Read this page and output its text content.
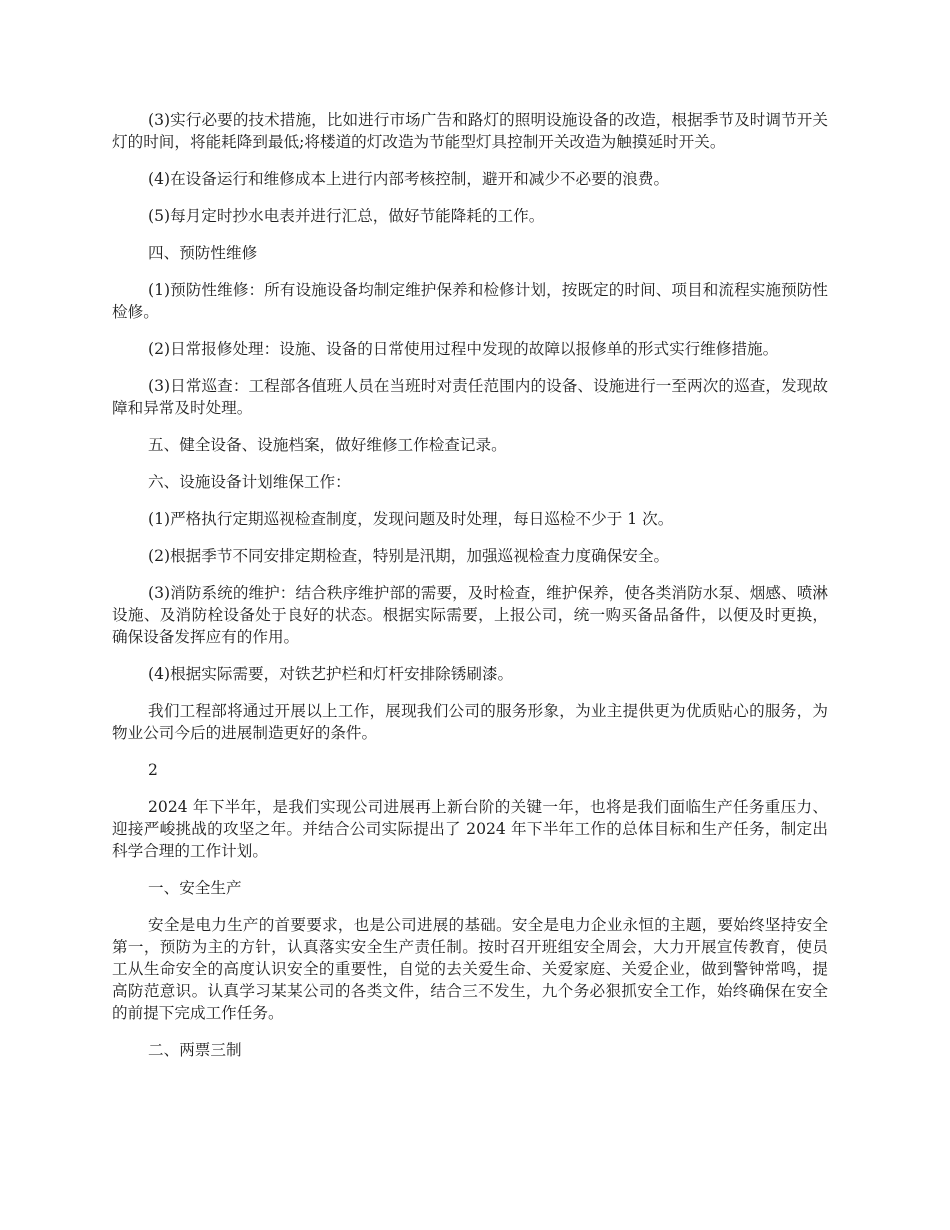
(3)实行必要的技术措施，比如进行市场广告和路灯的照明设施设备的改造，根据季节及时调节开关灯的时间，将能耗降到最低;将楼道的灯改造为节能型灯具控制开关改造为触摸延时开关。

(4)在设备运行和维修成本上进行内部考核控制，避开和减少不必要的浪费。

(5)每月定时抄水电表并进行汇总，做好节能降耗的工作。

四、预防性维修

(1)预防性维修：所有设施设备均制定维护保养和检修计划，按既定的时间、项目和流程实施预防性检修。

(2)日常报修处理：设施、设备的日常使用过程中发现的故障以报修单的形式实行维修措施。

(3)日常巡查：工程部各值班人员在当班时对责任范围内的设备、设施进行一至两次的巡查，发现故障和异常及时处理。

五、健全设备、设施档案，做好维修工作检查记录。

六、设施设备计划维保工作：

(1)严格执行定期巡视检查制度，发现问题及时处理，每日巡检不少于 1 次。

(2)根据季节不同安排定期检查，特别是汛期，加强巡视检查力度确保安全。

(3)消防系统的维护：结合秩序维护部的需要，及时检查，维护保养，使各类消防水泵、烟感、喷淋设施、及消防栓设备处于良好的状态。根据实际需要，上报公司，统一购买备品备件，以便及时更换，确保设备发挥应有的作用。

(4)根据实际需要，对铁艺护栏和灯杆安排除锈刷漆。

我们工程部将通过开展以上工作，展现我们公司的服务形象，为业主提供更为优质贴心的服务，为物业公司今后的进展制造更好的条件。

2

2024 年下半年，是我们实现公司进展再上新台阶的关键一年，也将是我们面临生产任务重压力、迎接严峻挑战的攻坚之年。并结合公司实际提出了 2024 年下半年工作的总体目标和生产任务，制定出科学合理的工作计划。

一、安全生产

安全是电力生产的首要要求，也是公司进展的基础。安全是电力企业永恒的主题，要始终坚持安全第一，预防为主的方针，认真落实安全生产责任制。按时召开班组安全周会，大力开展宣传教育，使员工从生命安全的高度认识安全的重要性，自觉的去关爱生命、关爱家庭、关爱企业，做到警钟常鸣，提高防范意识。认真学习某某公司的各类文件，结合三不发生，九个务必狠抓安全工作，始终确保在安全的前提下完成工作任务。

二、两票三制
